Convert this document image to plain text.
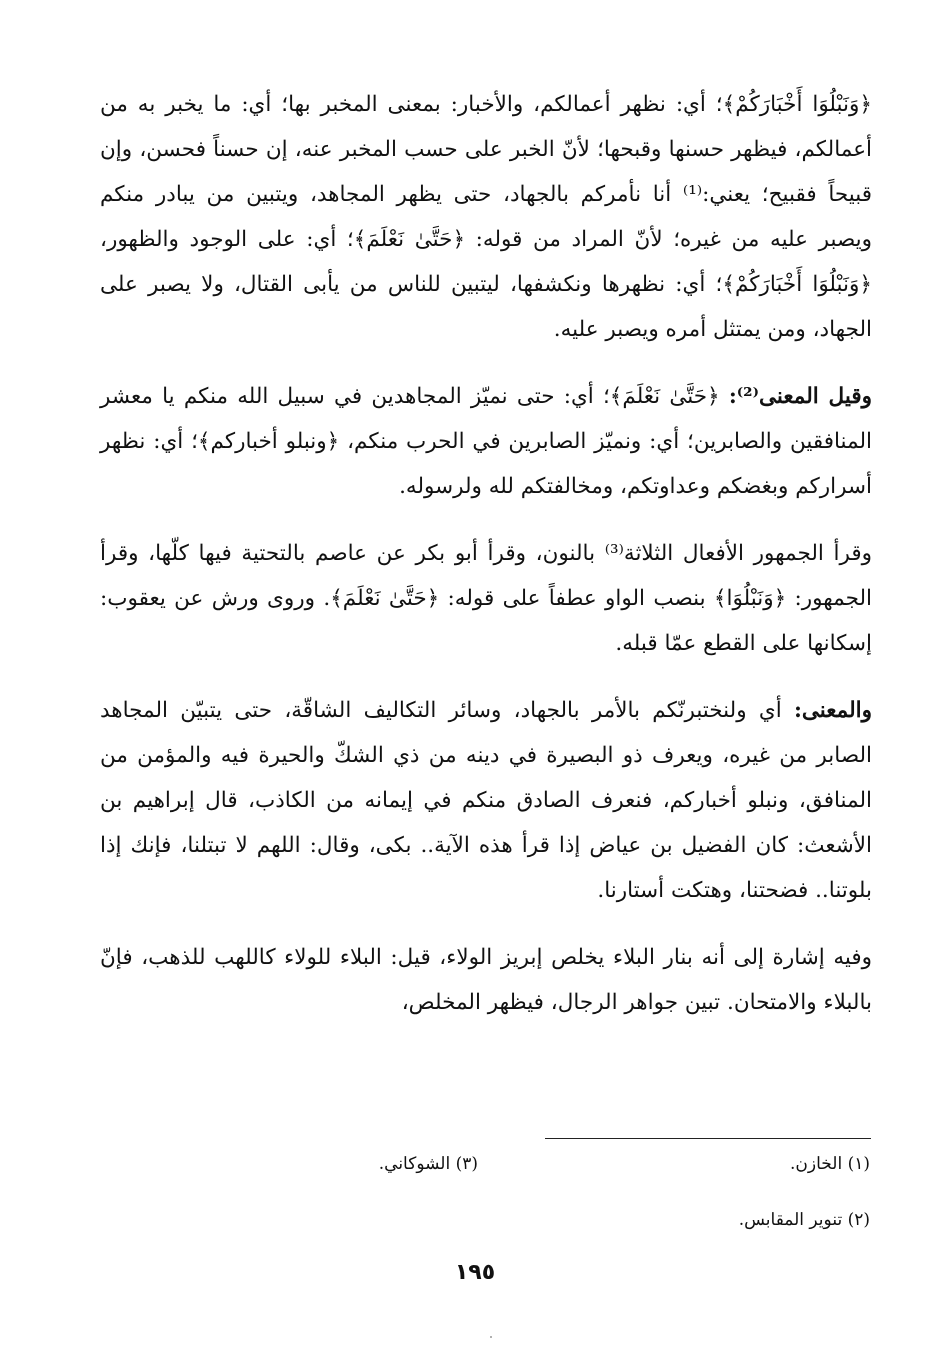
﴿وَنَبْلُوَا أَخْبَارَكُمْ﴾؛ أي: نظهر أعمالكم، والأخبار: بمعنى المخبر بها؛ أي: ما يخبر به من أعمالكم، فيظهر حسنها وقبحها؛ لأنّ الخبر على حسب المخبر عنه، إن حسناً فحسن، وإن قبيحاً فقبيح؛ يعني:⁽¹⁾ أنا نأمركم بالجهاد، حتى يظهر المجاهد، ويتبين من يبادر منكم ويصبر عليه من غيره؛ لأنّ المراد من قوله: ﴿حَتَّىٰ نَعْلَمَ﴾؛ أي: على الوجود والظهور، ﴿وَنَبْلُوَا أَخْبَارَكُمْ﴾؛ أي: نظهرها ونكشفها، ليتبين للناس من يأبى القتال، ولا يصبر على الجهاد، ومن يمتثل أمره ويصبر عليه.

وقيل المعنى⁽²⁾: ﴿حَتَّىٰ نَعْلَمَ﴾؛ أي: حتى نميّز المجاهدين في سبيل الله منكم يا معشر المنافقين والصابرين؛ أي: ونميّز الصابرين في الحرب منكم، ﴿ونبلو أخباركم﴾؛ أي: نظهر أسراركم وبغضكم وعداوتكم، ومخالفتكم لله ولرسوله.

وقرأ الجمهور الأفعال الثلاثة⁽³⁾ بالنون، وقرأ أبو بكر عن عاصم بالتحتية فيها كلّها، وقرأ الجمهور: ﴿وَنَبْلُوَا﴾ بنصب الواو عطفاً على قوله: ﴿حَتَّىٰ نَعْلَمَ﴾. وروى ورش عن يعقوب: إسكانها على القطع عمّا قبله.

والمعنى: أي ولنختبرنّكم بالأمر بالجهاد، وسائر التكاليف الشاقّة، حتى يتبيّن المجاهد الصابر من غيره، ويعرف ذو البصيرة في دينه من ذي الشكّ والحيرة فيه والمؤمن من المنافق، ونبلو أخباركم، فنعرف الصادق منكم في إيمانه من الكاذب، قال إبراهيم بن الأشعث: كان الفضيل بن عياض إذا قرأ هذه الآية.. بكى، وقال: اللهم لا تبتلنا، فإنك إذا بلوتنا.. فضحتنا، وهتكت أستارنا.

وفيه إشارة إلى أنه بنار البلاء يخلص إبريز الولاء، قيل: البلاء للولاء كاللهب للذهب، فإنّ بالبلاء والامتحان. تبين جواهر الرجال، فيظهر المخلص،

(١) الخازن.
(٣) الشوكاني.
(٢) تنوير المقابس.
١٩٥
